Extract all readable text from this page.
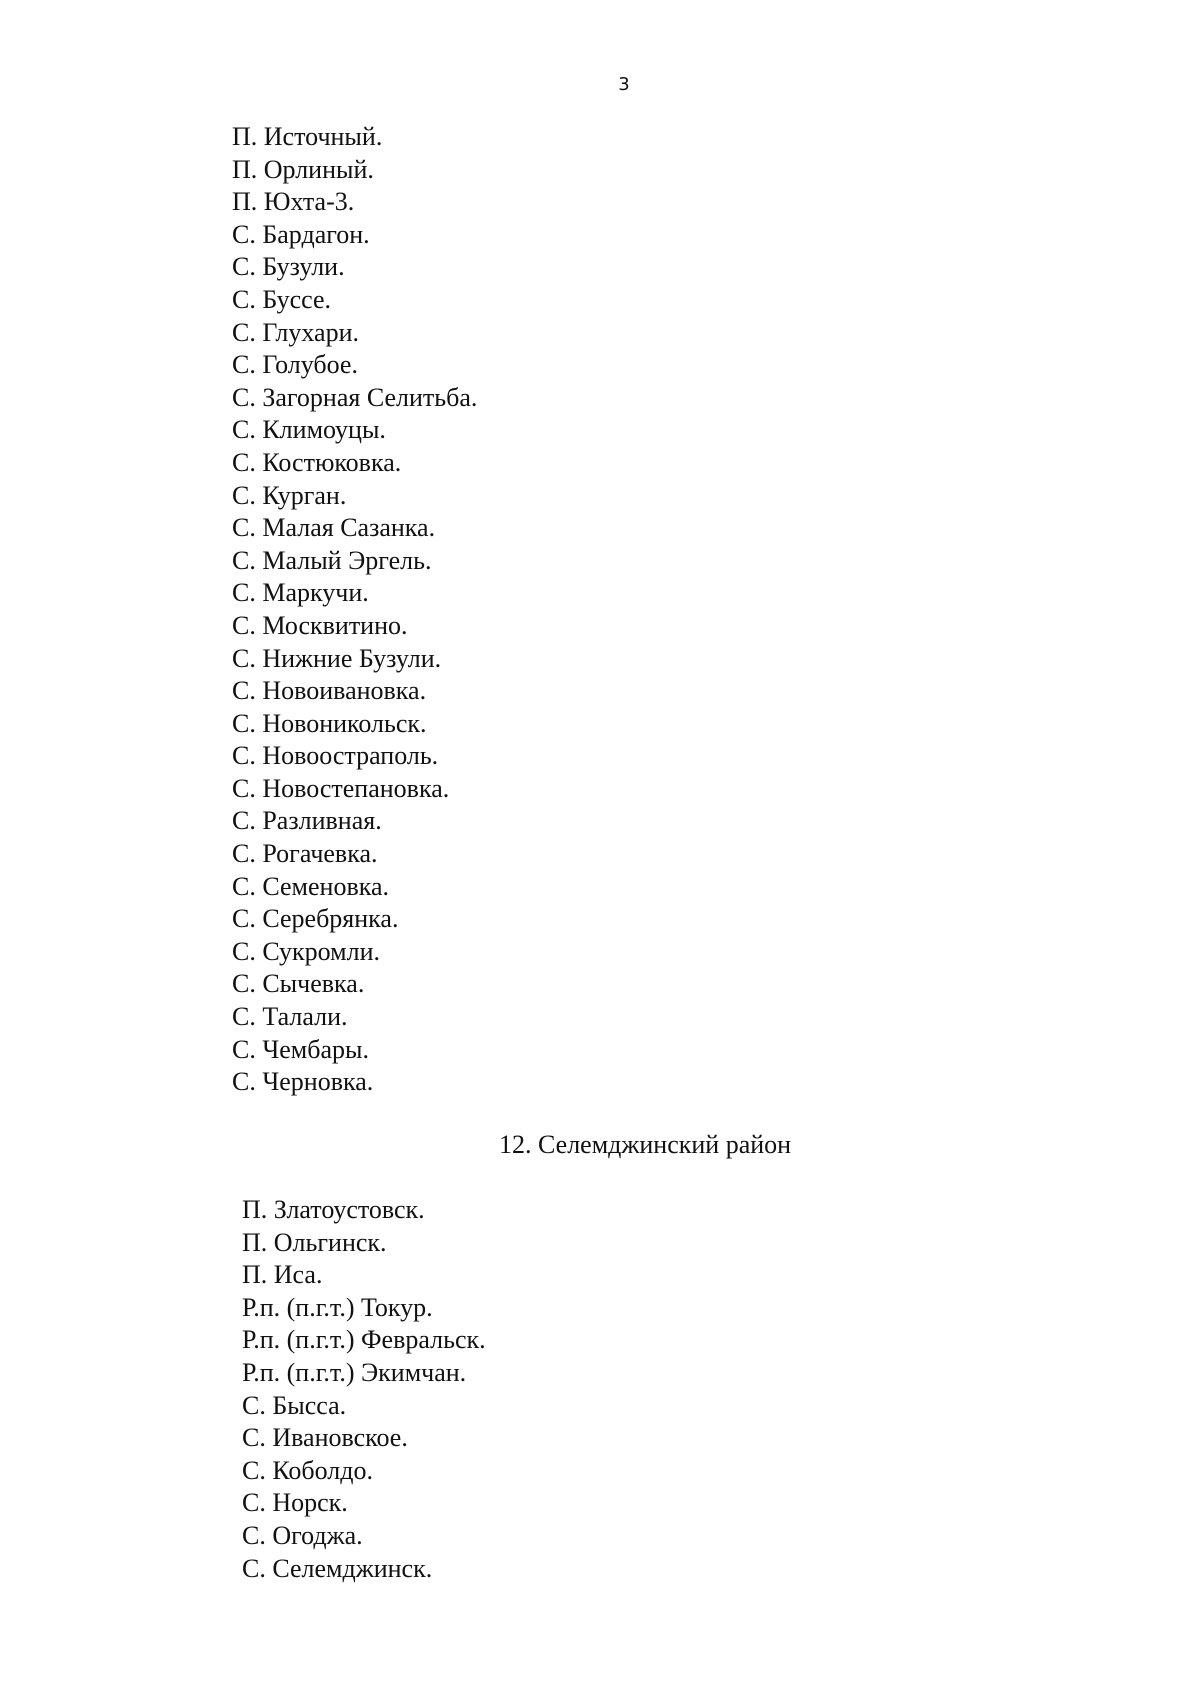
3
П. Источный.
П. Орлиный.
П. Юхта-3.
С. Бардагон.
С. Бузули.
С. Буссе.
С. Глухари.
С. Голубое.
С. Загорная Селитьба.
С. Климоуцы.
С. Костюковка.
С. Курган.
С. Малая Сазанка.
С. Малый Эргель.
С. Маркучи.
С. Москвитино.
С. Нижние Бузули.
С. Новоивановка.
С. Новоникольск.
С. Новоостраполь.
С. Новостепановка.
С. Разливная.
С. Рогачевка.
С. Семеновка.
С. Серебрянка.
С. Сукромли.
С. Сычевка.
С. Талали.
С. Чембары.
С. Черновка.
12. Селемджинский район
П. Златоустовск.
П. Ольгинск.
П. Иса.
Р.п. (п.г.т.) Токур.
Р.п. (п.г.т.) Февральск.
Р.п. (п.г.т.) Экимчан.
С. Бысса.
С. Ивановское.
С. Коболдо.
С. Норск.
С. Огоджа.
С. Селемджинск.
